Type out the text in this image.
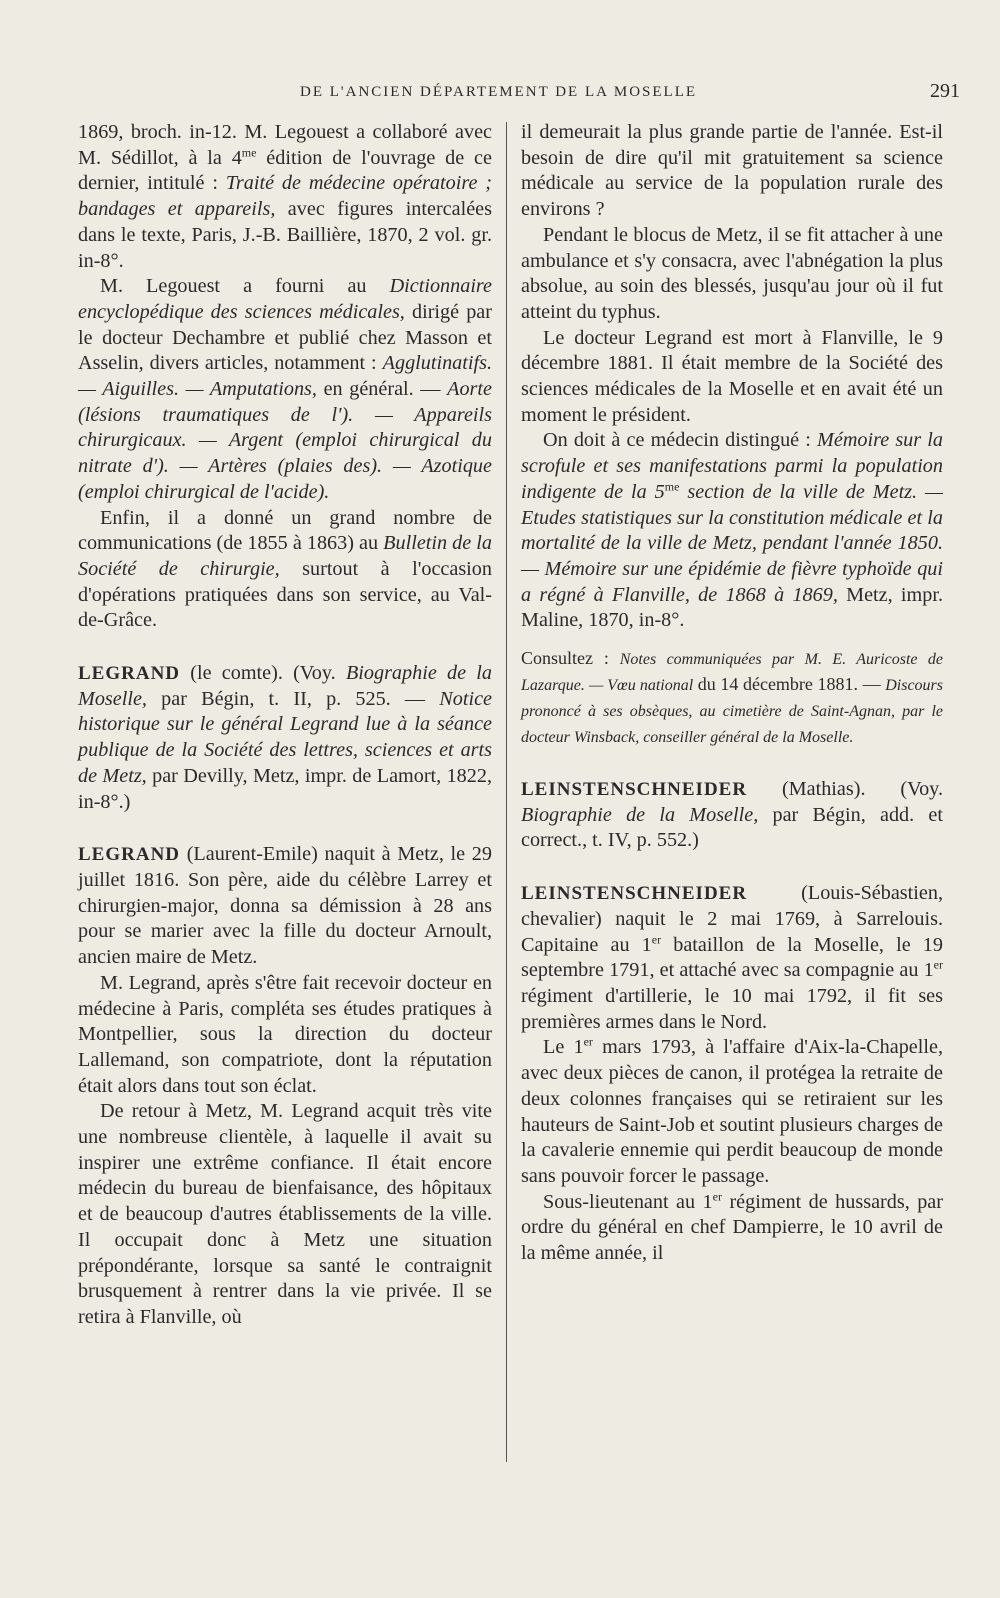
DE L'ANCIEN DÉPARTEMENT DE LA MOSELLE	291

1869, broch. in-12. M. Legouest a collaboré avec M. Sédillot, à la $4^{me}$ édition de l'ouvrage de ce dernier, intitulé : Traité de médecine opératoire ; bandages et appareils, avec figures intercalées dans le texte, Paris, J.-B. Baillière, 1870, 2 vol. gr. in-8°.

M. Legouest a fourni au Dictionnaire encyclopédique des sciences médicales, dirigé par le docteur Dechambre et publié chez Masson et Asselin, divers articles, notamment : Agglutinatifs. — Aiguilles. — Amputations, en général. — Aorte (lésions traumatiques de l'). — Appareils chirurgicaux. — Argent (emploi chirurgical du nitrate d'). — Artères (plaies des). — Azotique (emploi chirurgical de l'acide).

Enfin, il a donné un grand nombre de communications (de 1855 à 1863) au Bulletin de la Société de chirurgie, surtout à l'occasion d'opérations pratiquées dans son service, au Val-de-Grâce.

LEGRAND (le comte). (Voy. Biographie de la Moselle, par Bégin, t. II, p. 525. — Notice historique sur le général Legrand lue à la séance publique de la Société des lettres, sciences et arts de Metz, par Devilly, Metz, impr. de Lamort, 1822, in-8°.)

LEGRAND (Laurent-Emile) naquit à Metz, le 29 juillet 1816. Son père, aide du célèbre Larrey et chirurgien-major, donna sa démission à 28 ans pour se marier avec la fille du docteur Arnoult, ancien maire de Metz.

M. Legrand, après s'être fait recevoir docteur en médecine à Paris, compléta ses études pratiques à Montpellier, sous la direction du docteur Lallemand, son compatriote, dont la réputation était alors dans tout son éclat.

De retour à Metz, M. Legrand acquit très vite une nombreuse clientèle, à laquelle il avait su inspirer une extrême confiance. Il était encore médecin du bureau de bienfaisance, des hôpitaux et de beaucoup d'autres établissements de la ville. Il occupait donc à Metz une situation prépondérante, lorsque sa santé le contraignit brusquement à rentrer dans la vie privée. Il se retira à Flanville, où

il demeurait la plus grande partie de l'année. Est-il besoin de dire qu'il mit gratuitement sa science médicale au service de la population rurale des environs ?

Pendant le blocus de Metz, il se fit attacher à une ambulance et s'y consacra, avec l'abnégation la plus absolue, au soin des blessés, jusqu'au jour où il fut atteint du typhus.

Le docteur Legrand est mort à Flanville, le 9 décembre 1881. Il était membre de la Société des sciences médicales de la Moselle et en avait été un moment le président.

On doit à ce médecin distingué : Mémoire sur la scrofule et ses manifestations parmi la population indigente de la $5^{me}$ section de la ville de Metz. — Etudes statistiques sur la constitution médicale et la mortalité de la ville de Metz, pendant l'année 1850. — Mémoire sur une épidémie de fièvre typhoïde qui a régné à Flanville, de 1868 à 1869, Metz, impr. Maline, 1870, in-8°.

Consultez : Notes communiquées par M. E. Auricoste de Lazarque. — Vœu national du 14 décembre 1881. — Discours prononcé à ses obsèques, au cimetière de Saint-Agnan, par le docteur Winsback, conseiller général de la Moselle.

LEINSTENSCHNEIDER (Mathias). (Voy. Biographie de la Moselle, par Bégin, add. et correct., t. IV, p. 552.)

LEINSTENSCHNEIDER (Louis-Sébastien, chevalier) naquit le 2 mai 1769, à Sarrelouis. Capitaine au 1er bataillon de la Moselle, le 19 septembre 1791, et attaché avec sa compagnie au 1er régiment d'artillerie, le 10 mai 1792, il fit ses premières armes dans le Nord.

Le 1er mars 1793, à l'affaire d'Aix-la-Chapelle, avec deux pièces de canon, il protégea la retraite de deux colonnes françaises qui se retiraient sur les hauteurs de Saint-Job et soutint plusieurs charges de la cavalerie ennemie qui perdit beaucoup de monde sans pouvoir forcer le passage.

Sous-lieutenant au 1er régiment de hussards, par ordre du général en chef Dampierre, le 10 avril de la même année, il
